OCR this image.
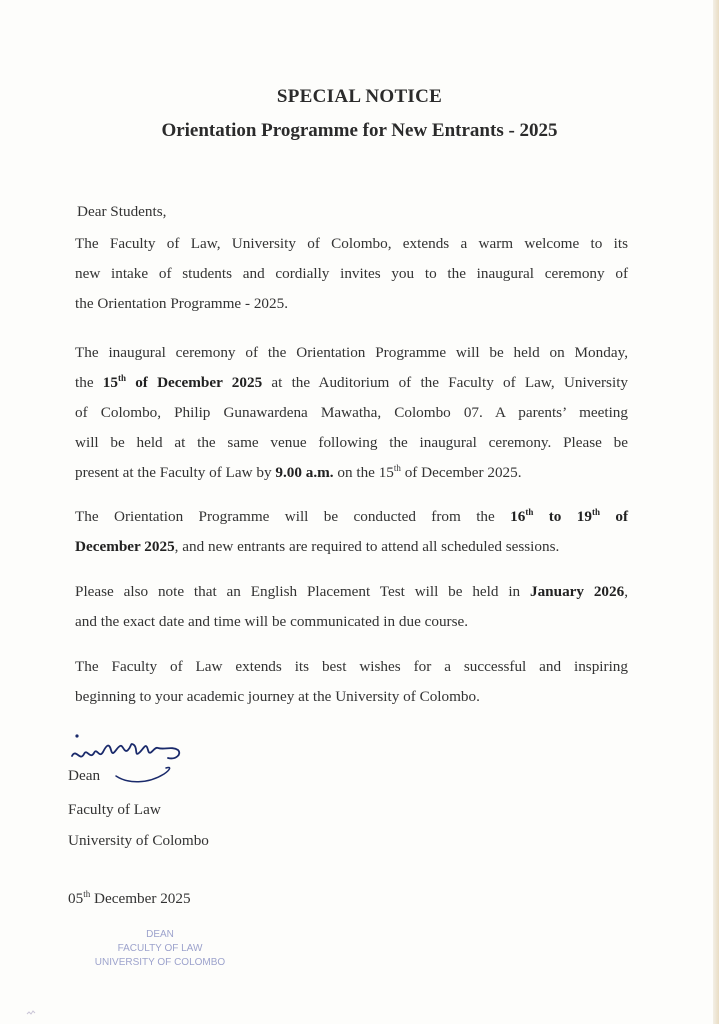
SPECIAL NOTICE
Orientation Programme for New Entrants - 2025
Dear Students,
The Faculty of Law, University of Colombo, extends a warm welcome to its
new intake of students and cordially invites you to the inaugural ceremony of
the Orientation Programme - 2025.
The inaugural ceremony of the Orientation Programme will be held on Monday,
the 15th of December 2025 at the Auditorium of the Faculty of Law, University
of Colombo, Philip Gunawardena Mawatha, Colombo 07. A parents’ meeting
will be held at the same venue following the inaugural ceremony. Please be
present at the Faculty of Law by 9.00 a.m. on the 15th of December 2025.
The Orientation Programme will be conducted from the 16th to 19th of
December 2025, and new entrants are required to attend all scheduled sessions.
Please also note that an English Placement Test will be held in January 2026,
and the exact date and time will be communicated in due course.
The Faculty of Law extends its best wishes for a successful and inspiring
beginning to your academic journey at the University of Colombo.
Dean
Faculty of Law
University of Colombo
05th December 2025
DEAN
FACULTY OF LAW
UNIVERSITY OF COLOMBO
